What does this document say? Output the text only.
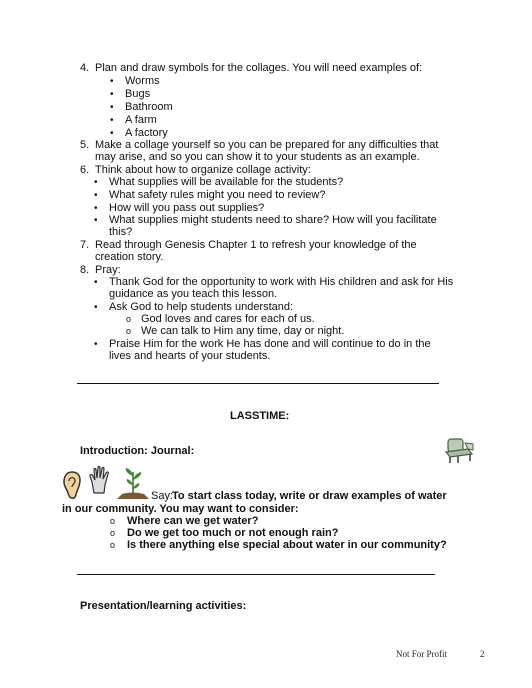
4. Plan and draw symbols for the collages. You will need examples of:
• Worms
• Bugs
• Bathroom
• A farm
• A factory
5. Make a collage yourself so you can be prepared for any difficulties that
may arise, and so you can show it to your students as an example.
6. Think about how to organize collage activity:
• What supplies will be available for the students?
• What safety rules might you need to review?
• How will you pass out supplies?
• What supplies might students need to share? How will you facilitate
this?
7. Read through Genesis Chapter 1 to refresh your knowledge of the
creation story.
8. Pray:
• Thank God for the opportunity to work with His children and ask for His
guidance as you teach this lesson.
• Ask God to help students understand:
o God loves and cares for each of us.
o We can talk to Him any time, day or night.
• Praise Him for the work He has done and will continue to do in the
lives and hearts of your students.
LASSTIME:
Introduction: Journal:
Say:
To start class today, write or draw examples of water
in our community. You may want to consider:
o Where can we get water?
o Do we get too much or not enough rain?
o Is there anything else special about water in our community?
Presentation/learning activities:
Not For Profit	2
